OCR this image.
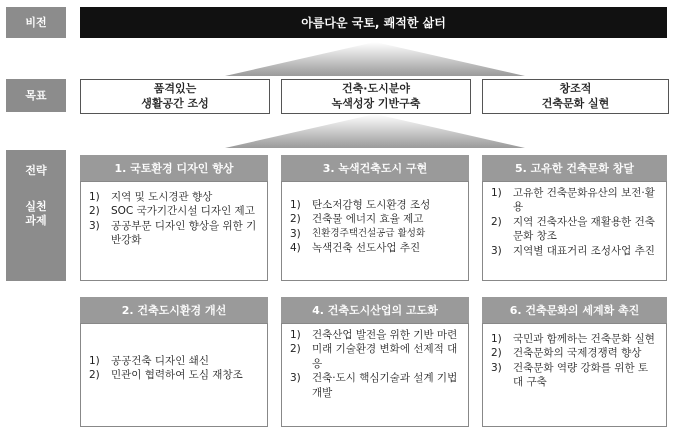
비전
목표
전략
실천
과제
아름다운 국토, 쾌적한 삶터
품격있는
생활공간 조성
건축·도시분야
녹색성장 기반구축
창조적
건축문화 실현
1. 국토환경 디자인 향상
1)	지역 및 도시경관 향상
2)	SOC 국가기간시설 디자인 제고
3)	공공부문 디자인 향상을 위한 기반강화
3. 녹색건축도시 구현
1)	탄소저감형 도시환경 조성
2)	건축물 에너지 효율 제고
3)	친환경주택건설공급 활성화
4)	녹색건축 선도사업 추진
5. 고유한 건축문화 창달
1)	고유한 건축문화유산의 보전·활용
2)	지역 건축자산을 재활용한 건축문화 창조
3)	지역별 대표거리 조성사업 추진
2. 건축도시환경 개선
1)	공공건축 디자인 쇄신
2)	민관이 협력하여 도심 재창조
4. 건축도시산업의 고도화
1)	건축산업 발전을 위한 기반 마련
2)	미래 기술환경 변화에 선제적 대응
3)	건축·도시 핵심기술과 설계 기법 개발
6. 건축문화의 세계화 촉진
1)	국민과 함께하는 건축문화 실현
2)	건축문화의 국제경쟁력 향상
3)	건축문화 역량 강화를 위한 토대 구축
